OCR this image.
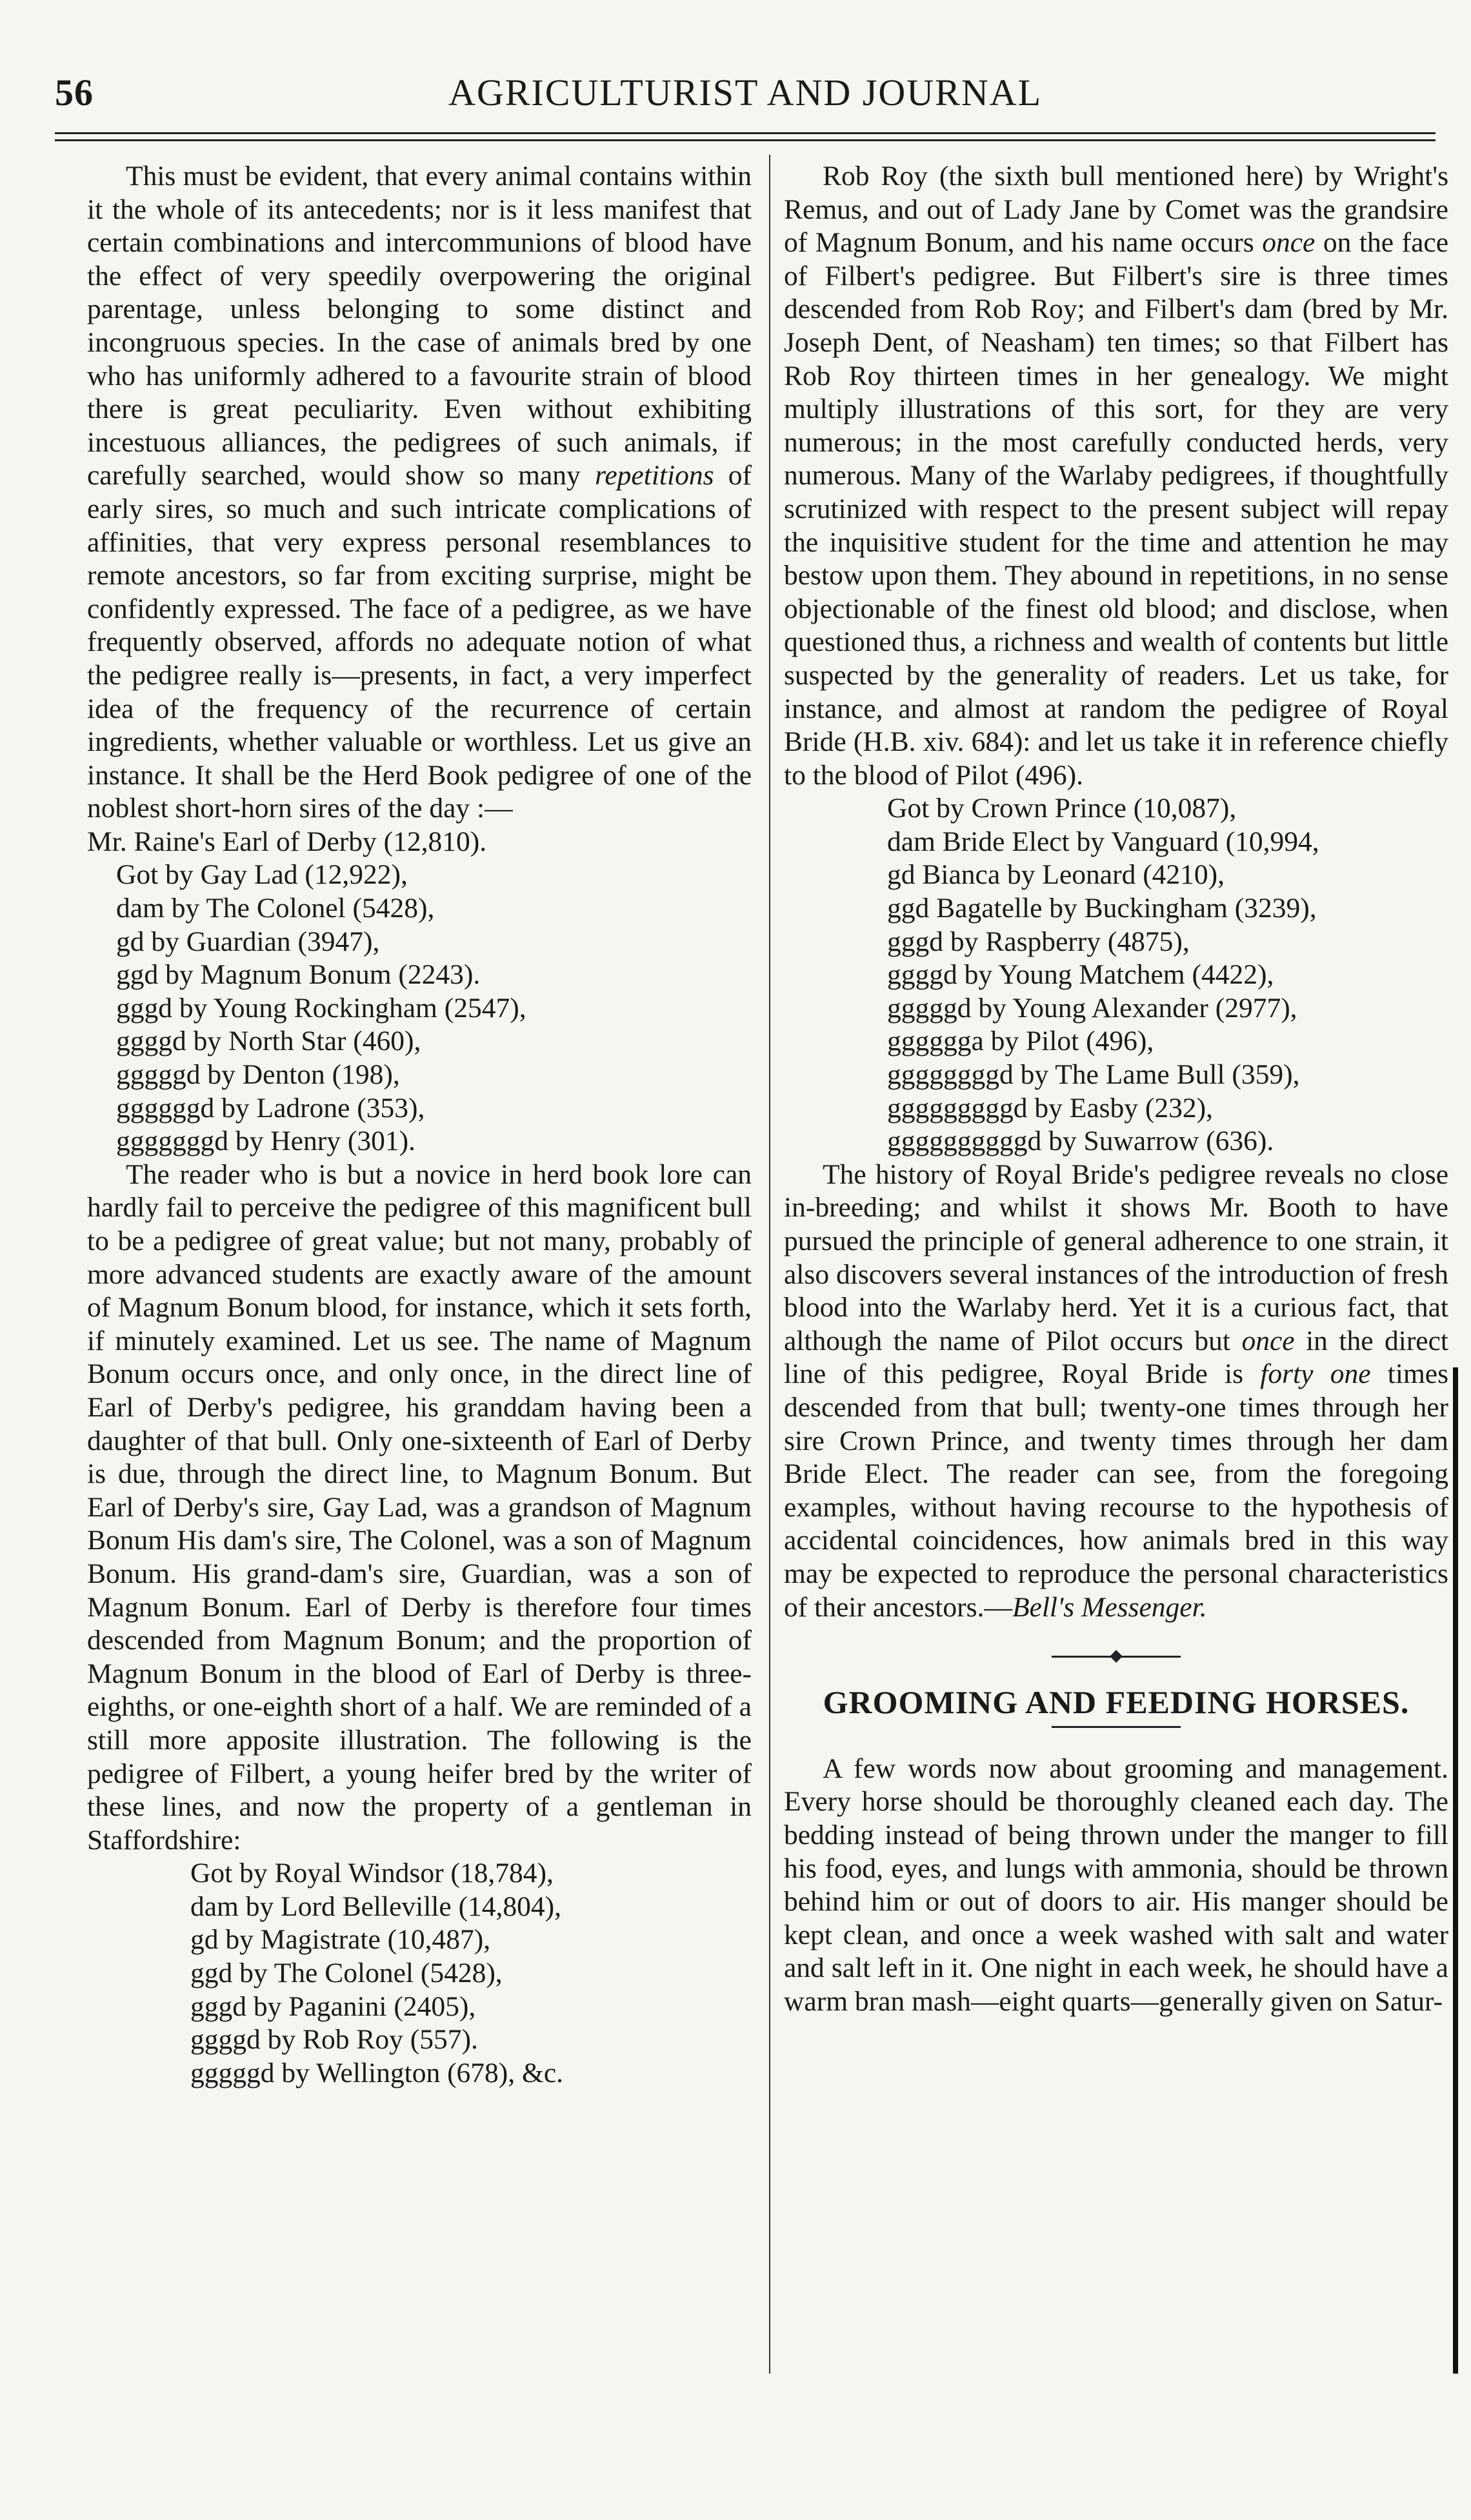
56	AGRICULTURIST AND JOURNAL

This must be evident, that every animal contains within it the whole of its antecedents; nor is it less manifest that certain combinations and intercommunions of blood have the effect of very speedily overpowering the original parentage, unless belonging to some distinct and incongruous species. In the case of animals bred by one who has uniformly adhered to a favourite strain of blood there is great peculiarity. Even without exhibiting incestuous alliances, the pedigrees of such animals, if carefully searched, would show so many repetitions of early sires, so much and such intricate complications of affinities, that very express personal resemblances to remote ancestors, so far from exciting surprise, might be confidently expressed. The face of a pedigree, as we have frequently observed, affords no adequate notion of what the pedigree really is—presents, in fact, a very imperfect idea of the frequency of the recurrence of certain ingredients, whether valuable or worthless. Let us give an instance. It shall be the Herd Book pedigree of one of the noblest short-horn sires of the day :—

Mr. Raine's Earl of Derby (12,810).
Got by Gay Lad (12,922),
dam by The Colonel (5428),
gd by Guardian (3947),
ggd by Magnum Bonum (2243).
gggd by Young Rockingham (2547),
ggggd by North Star (460),
gggggd by Denton (198),
ggggggd by Ladrone (353),
gggggggd by Henry (301).

The reader who is but a novice in herd book lore can hardly fail to perceive the pedigree of this magnificent bull to be a pedigree of great value; but not many, probably of more advanced students are exactly aware of the amount of Magnum Bonum blood, for instance, which it sets forth, if minutely examined. Let us see. The name of Magnum Bonum occurs once, and only once, in the direct line of Earl of Derby's pedigree, his granddam having been a daughter of that bull. Only one-sixteenth of Earl of Derby is due, through the direct line, to Magnum Bonum. But Earl of Derby's sire, Gay Lad, was a grandson of Magnum Bonum His dam's sire, The Colonel, was a son of Magnum Bonum. His grand-dam's sire, Guardian, was a son of Magnum Bonum. Earl of Derby is therefore four times descended from Magnum Bonum; and the proportion of Magnum Bonum in the blood of Earl of Derby is three-eighths, or one-eighth short of a half. We are reminded of a still more apposite illustration. The following is the pedigree of Filbert, a young heifer bred by the writer of these lines, and now the property of a gentleman in Staffordshire:

Got by Royal Windsor (18,784),
dam by Lord Belleville (14,804),
gd by Magistrate (10,487),
ggd by The Colonel (5428),
gggd by Paganini (2405),
ggggd by Rob Roy (557).
gggggd by Wellington (678), &c.

Rob Roy (the sixth bull mentioned here) by Wright's Remus, and out of Lady Jane by Comet was the grandsire of Magnum Bonum, and his name occurs once on the face of Filbert's pedigree. But Filbert's sire is three times descended from Rob Roy; and Filbert's dam (bred by Mr. Joseph Dent, of Neasham) ten times; so that Filbert has Rob Roy thirteen times in her genealogy. We might multiply illustrations of this sort, for they are very numerous; in the most carefully conducted herds, very numerous. Many of the Warlaby pedigrees, if thoughtfully scrutinized with respect to the present subject will repay the inquisitive student for the time and attention he may bestow upon them. They abound in repetitions, in no sense objectionable of the finest old blood; and disclose, when questioned thus, a richness and wealth of contents but little suspected by the generality of readers. Let us take, for instance, and almost at random the pedigree of Royal Bride (H.B. xiv. 684): and let us take it in reference chiefly to the blood of Pilot (496).

Got by Crown Prince (10,087),
dam Bride Elect by Vanguard (10,994,
gd Bianca by Leonard (4210),
ggd Bagatelle by Buckingham (3239),
gggd by Raspberry (4875),
ggggd by Young Matchem (4422),
gggggd by Young Alexander (2977),
gggggga by Pilot (496),
ggggggggd by The Lame Bull (359),
gggggggggd by Easby (232),
ggggggggggd by Suwarrow (636).

The history of Royal Bride's pedigree reveals no close in-breeding; and whilst it shows Mr. Booth to have pursued the principle of general adherence to one strain, it also discovers several instances of the introduction of fresh blood into the Warlaby herd. Yet it is a curious fact, that although the name of Pilot occurs but once in the direct line of this pedigree, Royal Bride is forty one times descended from that bull; twenty-one times through her sire Crown Prince, and twenty times through her dam Bride Elect. The reader can see, from the foregoing examples, without having recourse to the hypothesis of accidental coincidences, how animals bred in this way may be expected to reproduce the personal characteristics of their ancestors.—Bell's Messenger.

GROOMING AND FEEDING HORSES.

A few words now about grooming and management. Every horse should be thoroughly cleaned each day. The bedding instead of being thrown under the manger to fill his food, eyes, and lungs with ammonia, should be thrown behind him or out of doors to air. His manger should be kept clean, and once a week washed with salt and water and salt left in it. One night in each week, he should have a warm bran mash—eight quarts—generally given on Satur-
